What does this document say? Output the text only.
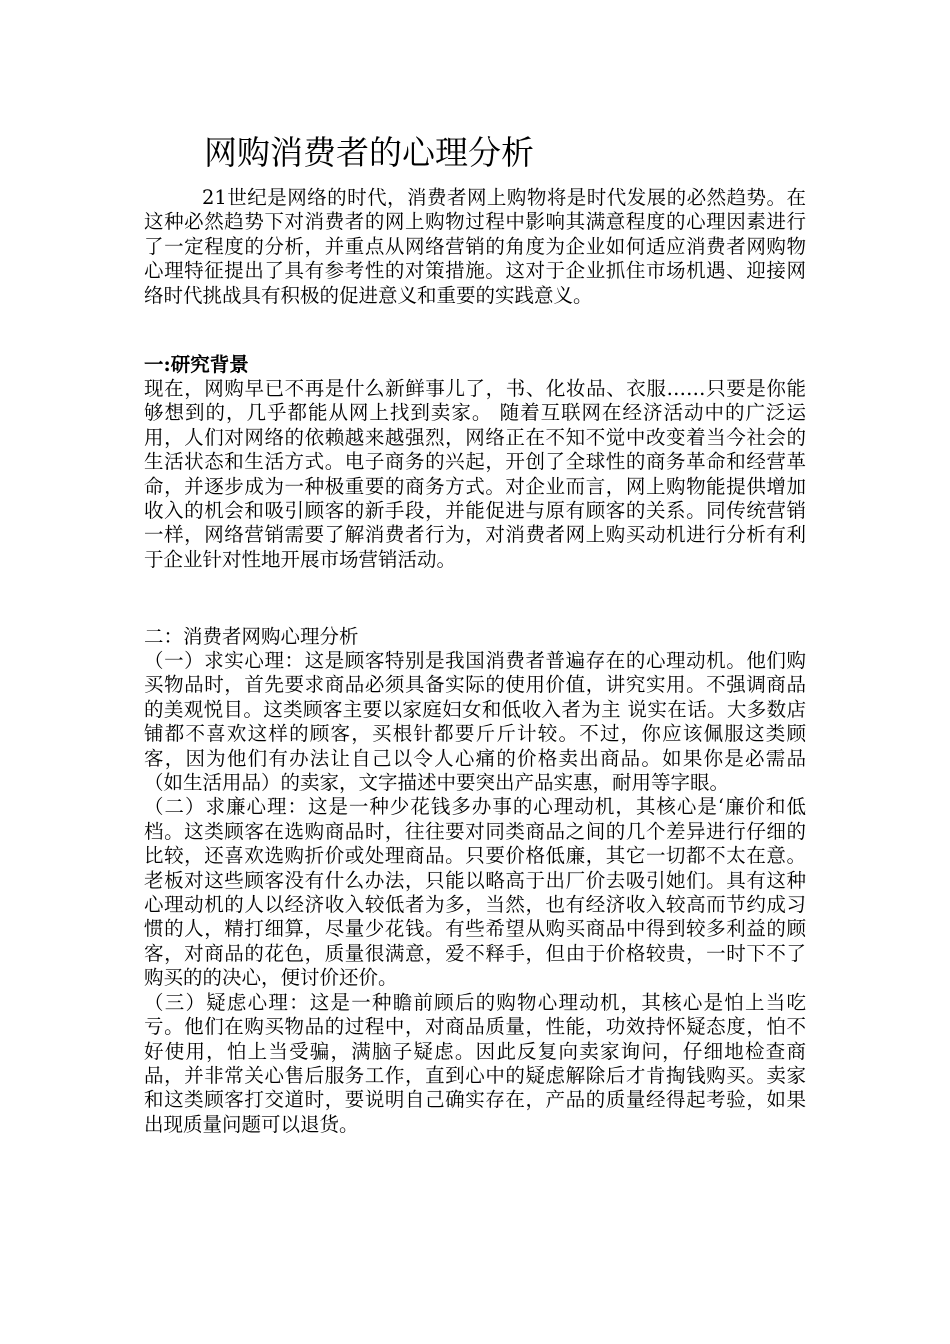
网购消费者的心理分析

21世纪是网络的时代，消费者网上购物将是时代发展的必然趋势。在这种必然趋势下对消费者的网上购物过程中影响其满意程度的心理因素进行了一定程度的分析，并重点从网络营销的角度为企业如何适应消费者网购物心理特征提出了具有参考性的对策措施。这对于企业抓住市场机遇、迎接网络时代挑战具有积极的促进意义和重要的实践意义。

一:研究背景

现在，网购早已不再是什么新鲜事儿了，书、化妆品、衣服……只要是你能够想到的，几乎都能从网上找到卖家。 随着互联网在经济活动中的广泛运用，人们对网络的依赖越来越强烈，网络正在不知不觉中改变着当今社会的生活状态和生活方式。电子商务的兴起，开创了全球性的商务革命和经营革命，并逐步成为一种极重要的商务方式。对企业而言，网上购物能提供增加收入的机会和吸引顾客的新手段，并能促进与原有顾客的关系。同传统营销一样，网络营销需要了解消费者行为，对消费者网上购买动机进行分析有利于企业针对性地开展市场营销活动。

二：消费者网购心理分析

（一）求实心理：这是顾客特别是我国消费者普遍存在的心理动机。他们购买物品时，首先要求商品必须具备实际的使用价值，讲究实用。不强调商品的美观悦目。这类顾客主要以家庭妇女和低收入者为主 说实在话。大多数店铺都不喜欢这样的顾客，买根针都要斤斤计较。不过，你应该佩服这类顾客，因为他们有办法让自己以令人心痛的价格卖出商品。如果你是必需品（如生活用品）的卖家，文字描述中要突出产品实惠，耐用等字眼。

（二）求廉心理：这是一种少花钱多办事的心理动机，其核心是‘廉价和低档。这类顾客在选购商品时，往往要对同类商品之间的几个差异进行仔细的比较，还喜欢选购折价或处理商品。只要价格低廉，其它一切都不太在意。 老板对这些顾客没有什么办法，只能以略高于出厂价去吸引她们。具有这种心理动机的人以经济收入较低者为多，当然，也有经济收入较高而节约成习惯的人，精打细算，尽量少花钱。有些希望从购买商品中得到较多利益的顾客，对商品的花色，质量很满意，爱不释手，但由于价格较贵，一时下不了购买的的决心，便讨价还价。

（三）疑虑心理：这是一种瞻前顾后的购物心理动机，其核心是怕上当吃亏。他们在购买物品的过程中，对商品质量，性能，功效持怀疑态度，怕不好使用，怕上当受骗，满脑子疑虑。因此反复向卖家询问，仔细地检查商品，并非常关心售后服务工作，直到心中的疑虑解除后才肯掏钱购买。卖家和这类顾客打交道时，要说明自己确实存在，产品的质量经得起考验，如果出现质量问题可以退货。
